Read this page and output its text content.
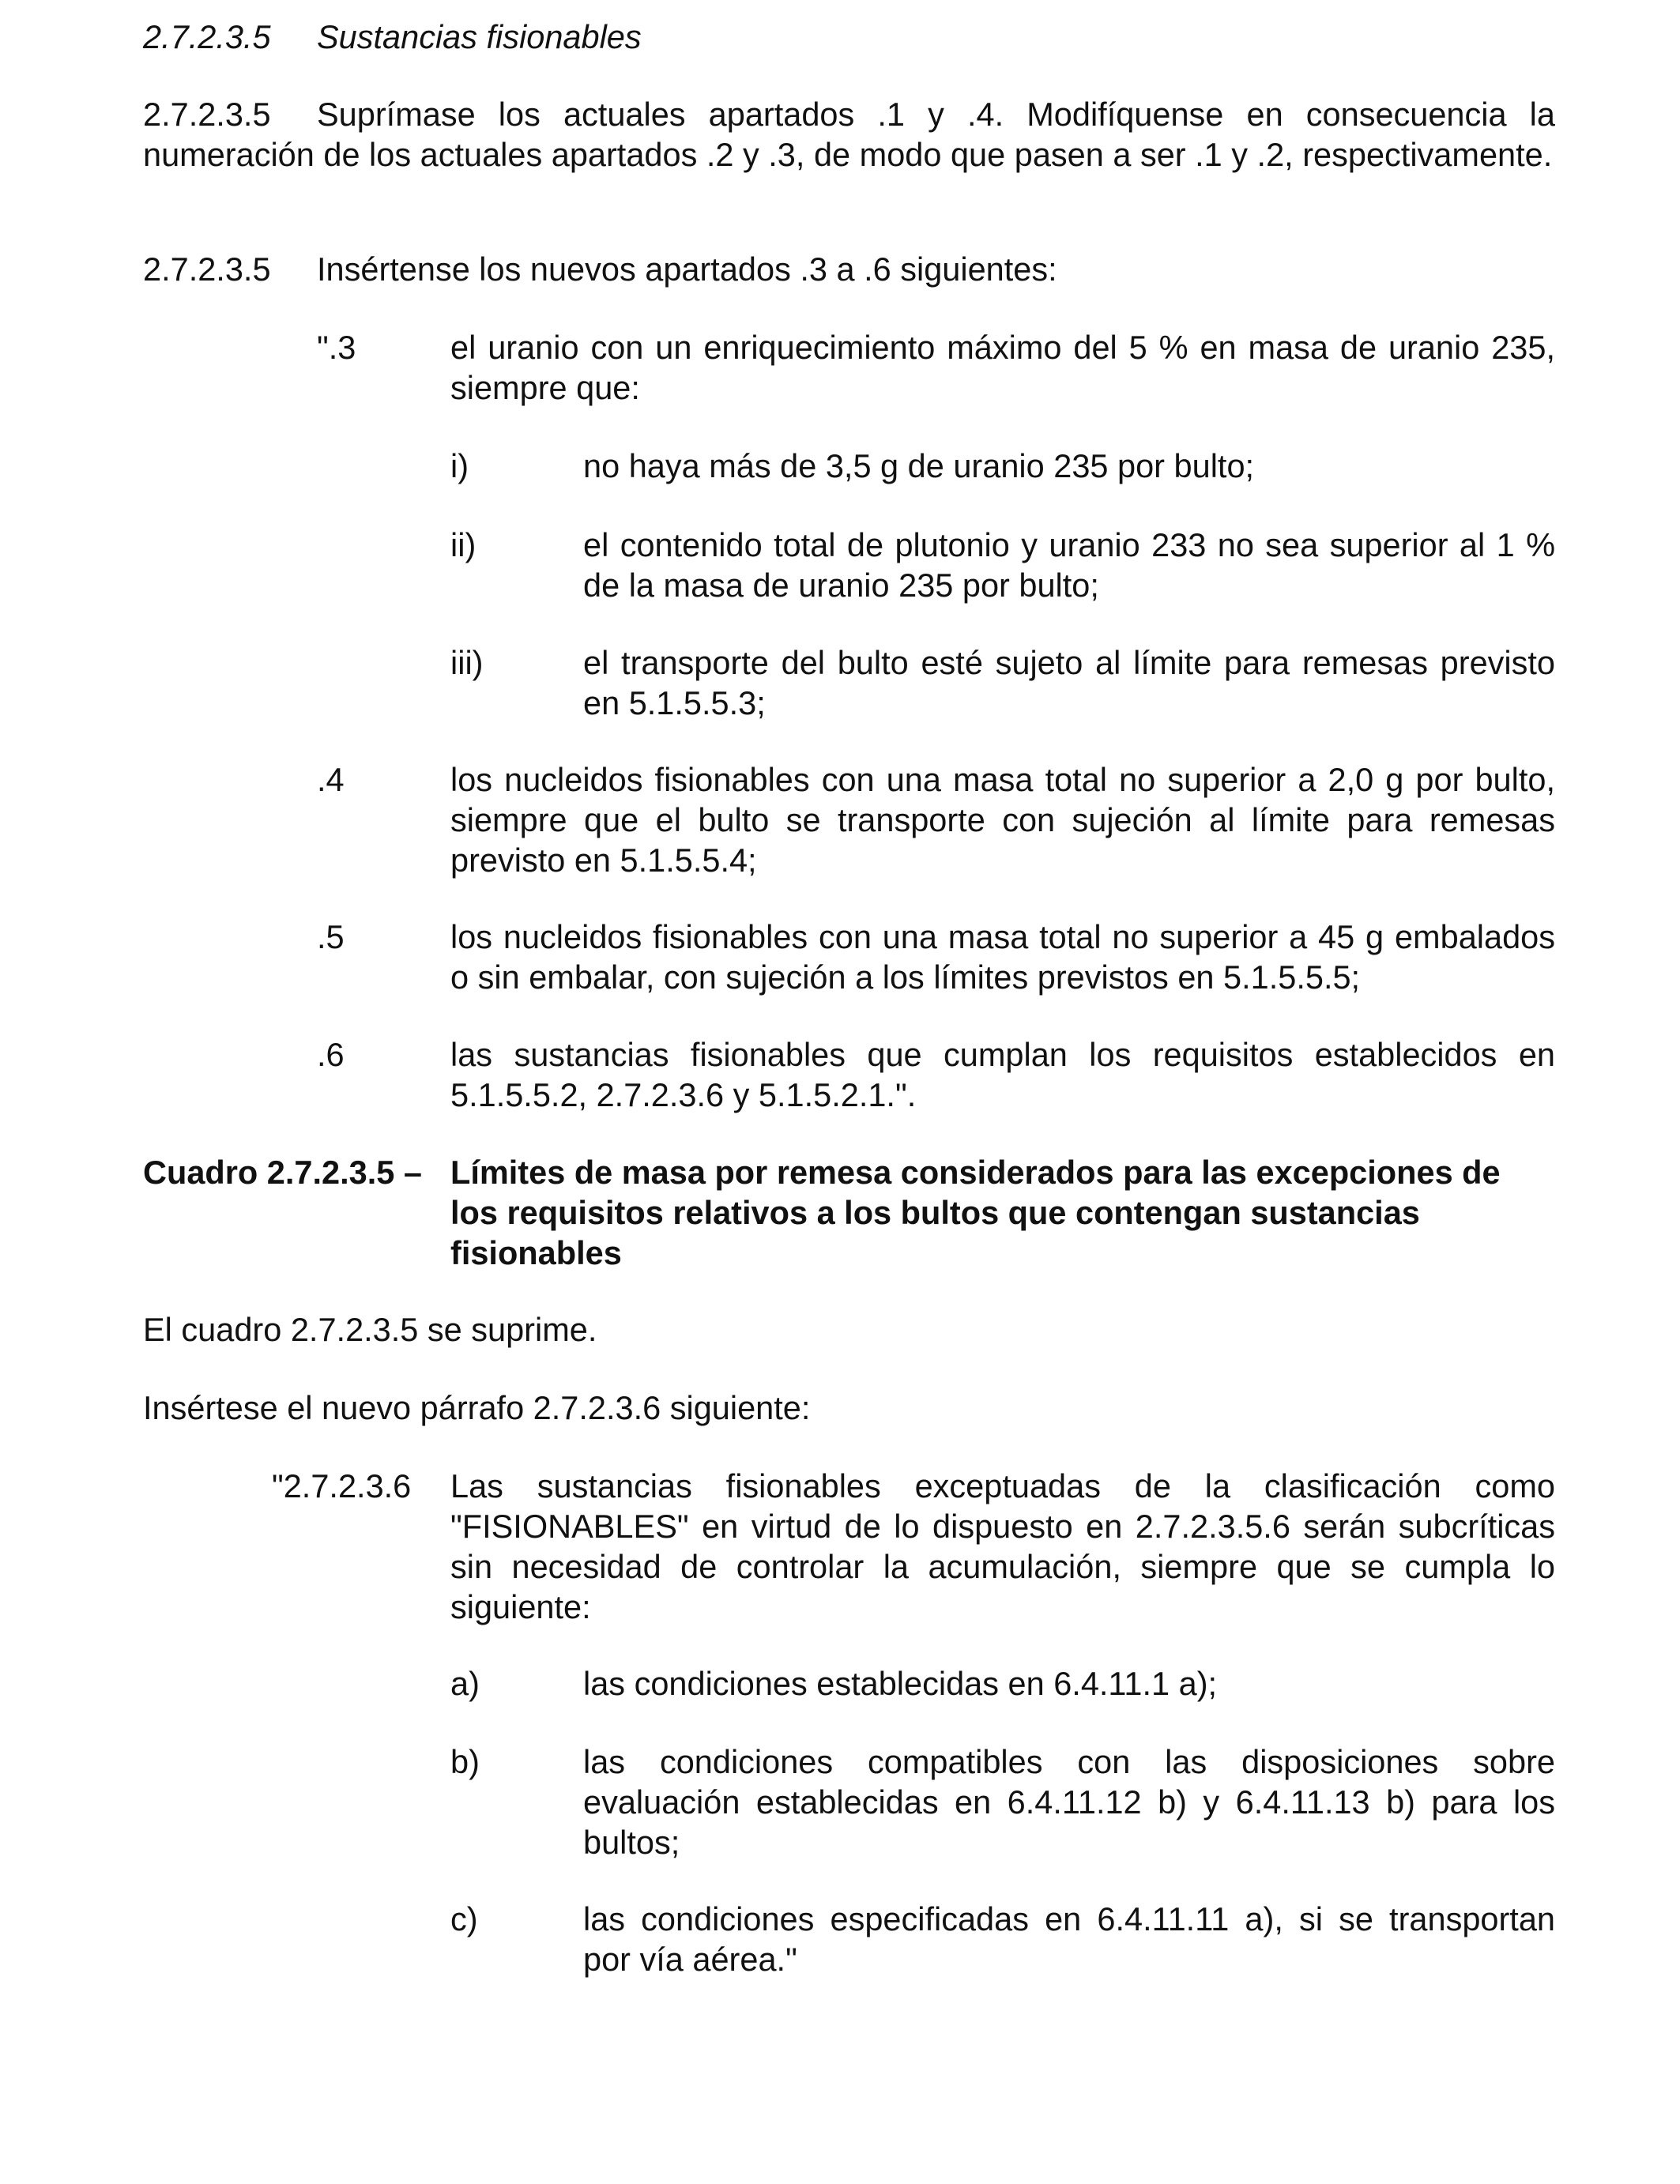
2.7.2.3.5 Sustancias fisionables

Suprímase los actuales apartados .1 y .4. Modifíquense en consecuencia la numeración de los actuales apartados .2 y .3, de modo que pasen a ser .1 y .2, respectivamente.

2.7.2.3.5
2.7.2.3.5 Insértense los nuevos apartados .3 a .6 siguientes:
".3	el uranio con un enriquecimiento máximo del 5 % en masa de uranio 235, siempre que:

i)	no haya más de 3,5 g de uranio 235 por bulto;

ii)	el contenido total de plutonio y uranio 233 no sea superior al 1 % de la masa de uranio 235 por bulto;

iii)	el transporte del bulto esté sujeto al límite para remesas previsto en 5.1.5.5.3;

.4	los nucleidos fisionables con una masa total no superior a 2,0 g por bulto, siempre que el bulto se transporte con sujeción al límite para remesas previsto en 5.1.5.5.4;

.5	los nucleidos fisionables con una masa total no superior a 45 g embalados o sin embalar, con sujeción a los límites previstos en 5.1.5.5.5;

.6	las sustancias fisionables que cumplan los requisitos establecidos en 5.1.5.5.2, 2.7.2.3.6 y 5.1.5.2.1.".

Cuadro 2.7.2.3.5 – Límites de masa por remesa considerados para las excepciones de los requisitos relativos a los bultos que contengan sustancias fisionables

El cuadro 2.7.2.3.5 se suprime.

Insértese el nuevo párrafo 2.7.2.3.6 siguiente:

"2.7.2.3.6 Las sustancias fisionables exceptuadas de la clasificación como "FISIONABLES" en virtud de lo dispuesto en 2.7.2.3.5.6 serán subcríticas sin necesidad de controlar la acumulación, siempre que se cumpla lo siguiente:

a)	las condiciones establecidas en 6.4.11.1 a);

b)	las condiciones compatibles con las disposiciones sobre evaluación establecidas en 6.4.11.12 b) y 6.4.11.13 b) para los bultos;

c)	las condiciones especificadas en 6.4.11.11 a), si se transportan por vía aérea."
